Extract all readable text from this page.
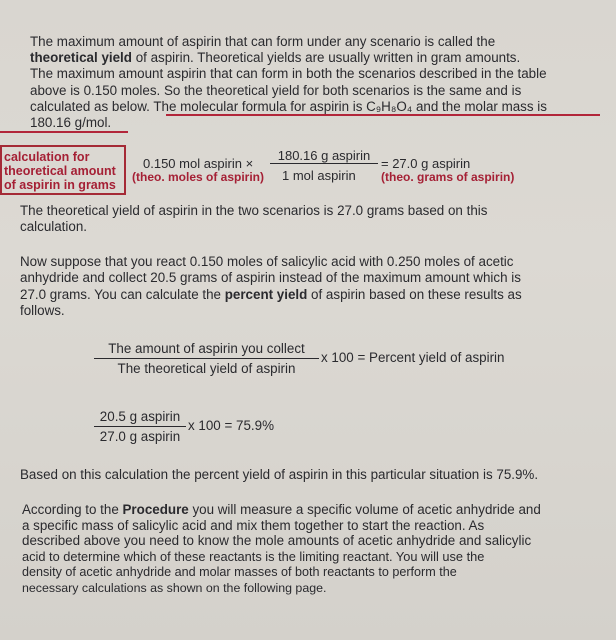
The maximum amount of aspirin that can form under any scenario is called the
theoretical yield of aspirin. Theoretical yields are usually written in gram amounts.
The maximum amount aspirin that can form in both the scenarios described in the table
above is 0.150 moles. So the theoretical yield for both scenarios is the same and is
calculated as below. The molecular formula for aspirin is C₉H₈O₄ and the molar mass is
180.16 g/mol.
calculation for
theoretical amount
of aspirin in grams
0.150 mol aspirin ×
180.16 g aspirin
1 mol aspirin
= 27.0 g aspirin
(theo. moles of aspirin)	(theo. grams of aspirin)
The theoretical yield of aspirin in the two scenarios is 27.0 grams based on this
calculation.
Now suppose that you react 0.150 moles of salicylic acid with 0.250 moles of acetic
anhydride and collect 20.5 grams of aspirin instead of the maximum amount which is
27.0 grams. You can calculate the percent yield of aspirin based on these results as
follows.
The amount of aspirin you collect
The theoretical yield of aspirin
x 100 = Percent yield of aspirin
20.5 g aspirin
27.0 g aspirin
x 100 = 75.9%
Based on this calculation the percent yield of aspirin in this particular situation is 75.9%.
According to the Procedure you will measure a specific volume of acetic anhydride and
a specific mass of salicylic acid and mix them together to start the reaction. As
described above you need to know the mole amounts of acetic anhydride and salicylic
acid to determine which of these reactants is the limiting reactant. You will use the
density of acetic anhydride and molar masses of both reactants to perform the
necessary calculations as shown on the following page.
